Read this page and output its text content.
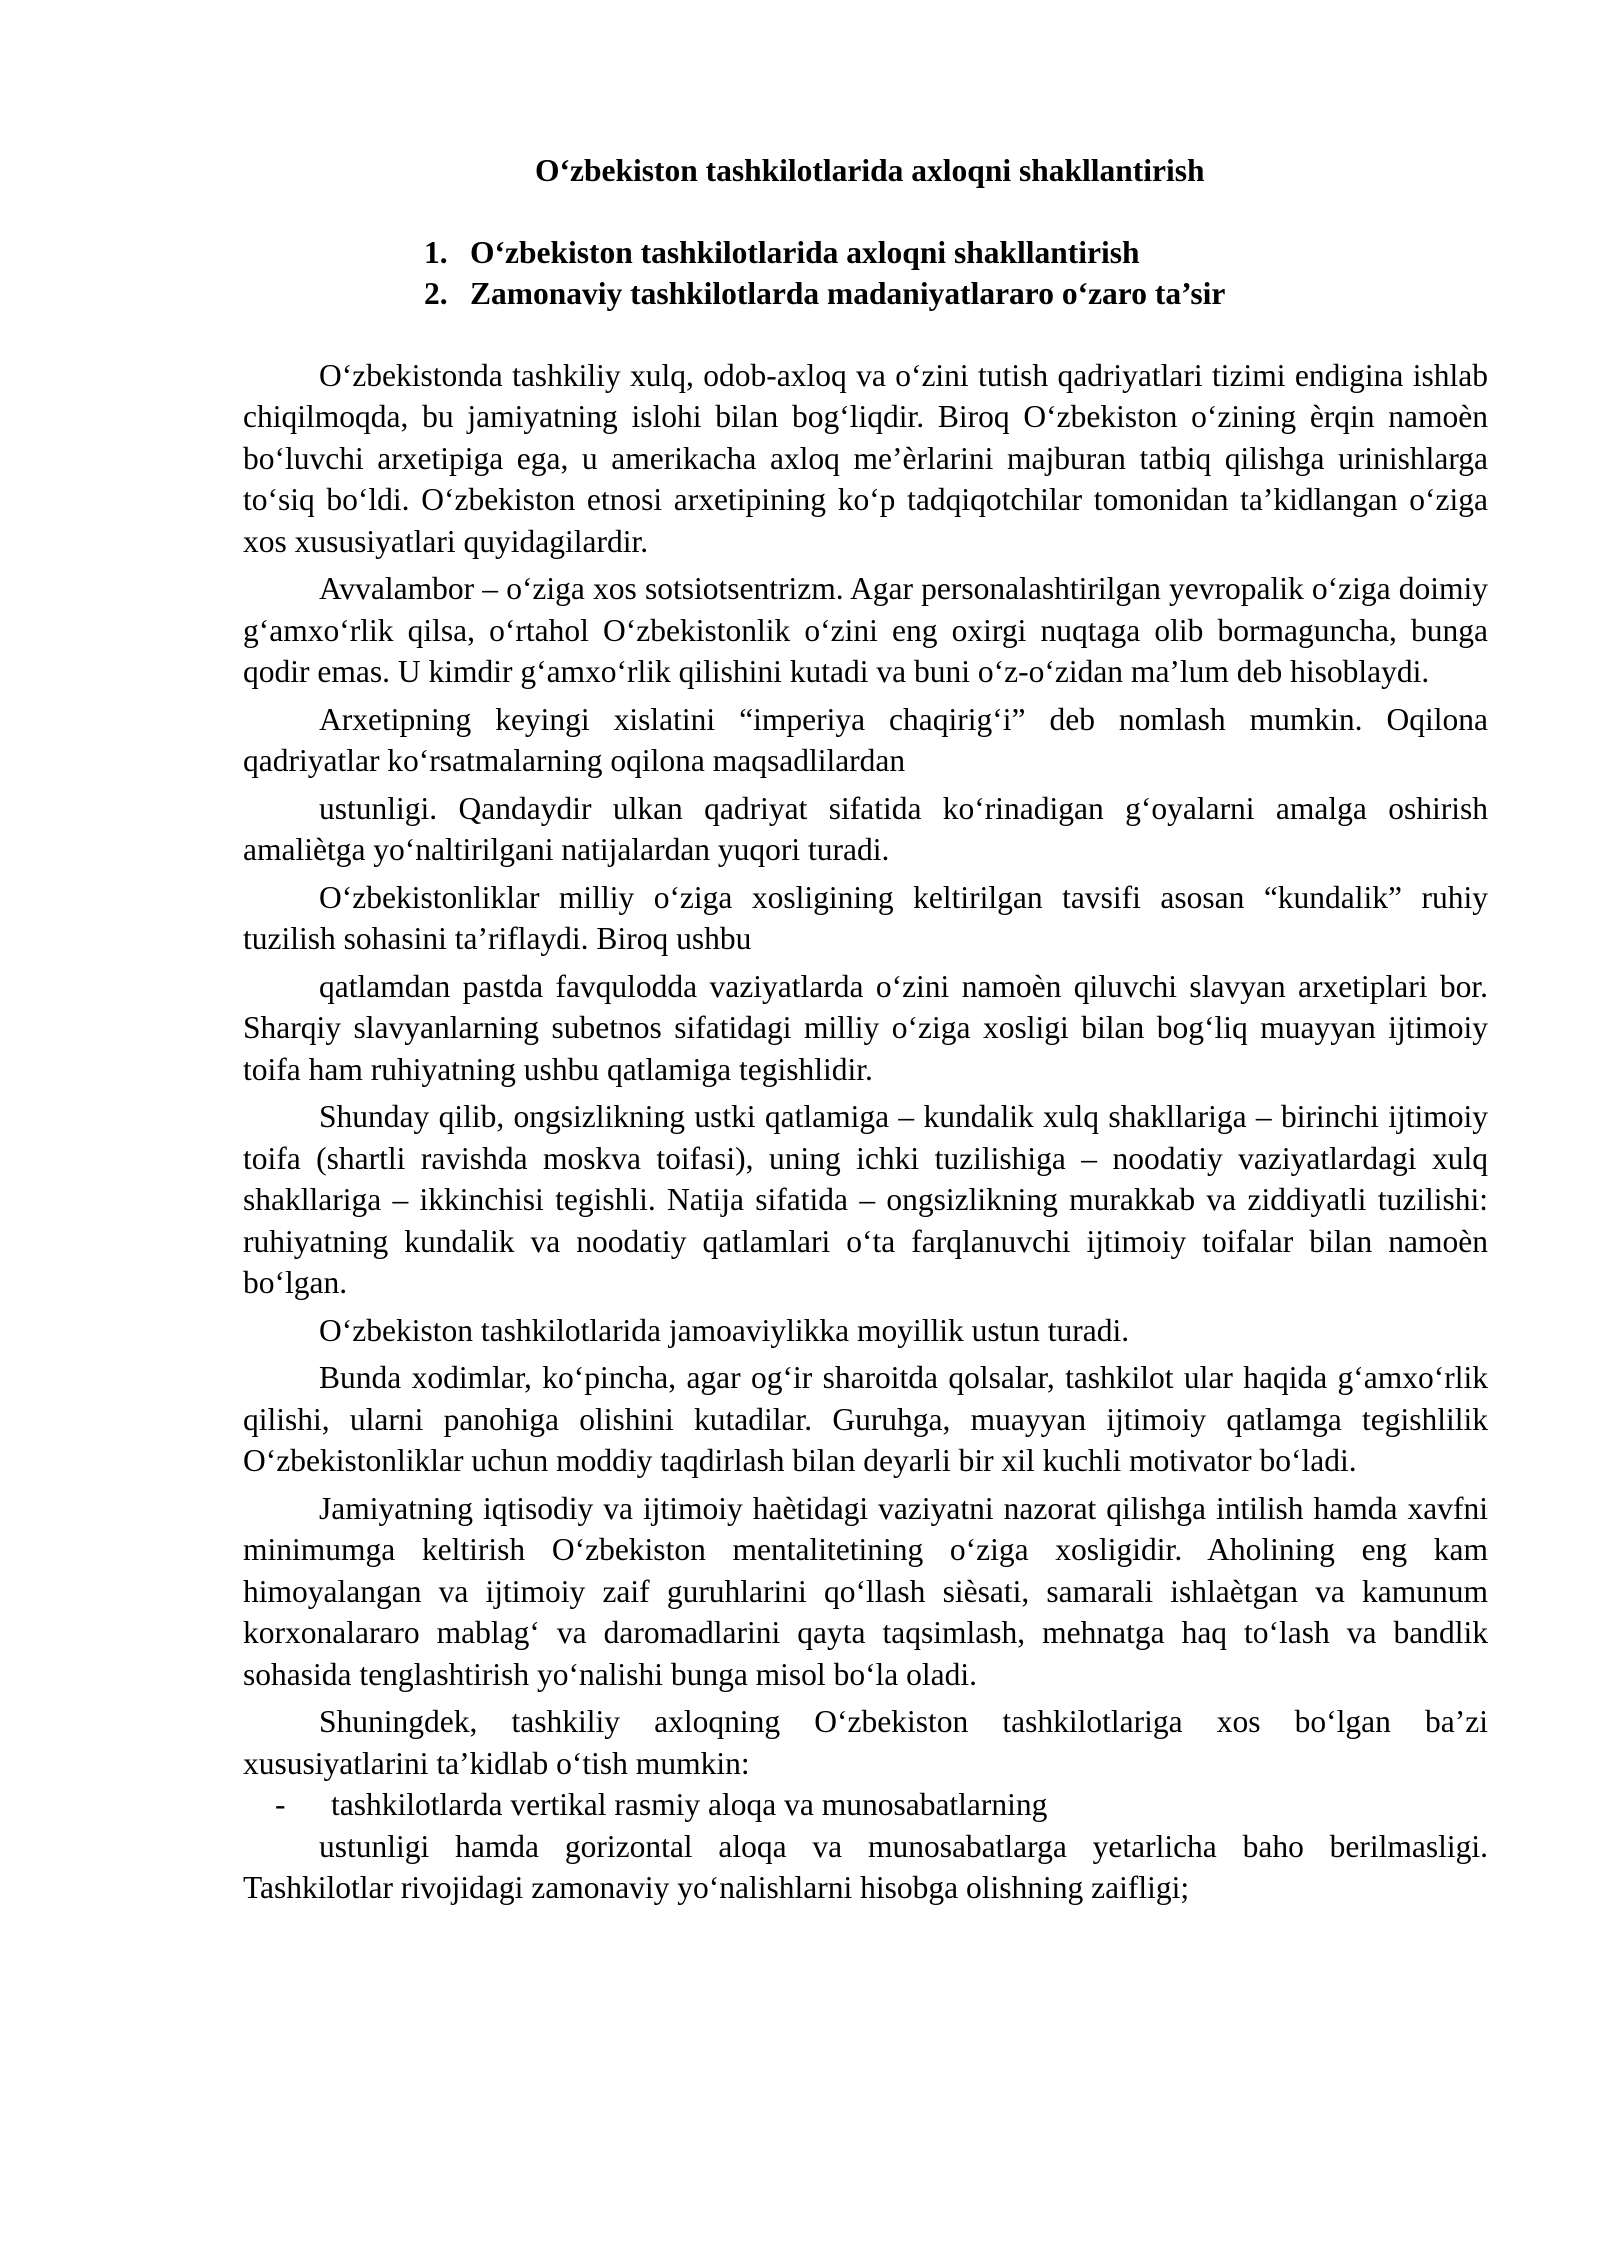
O‘zbekiston tashkilotlarida axloqni shakllantirish
1. O‘zbekiston tashkilotlarida axloqni shakllantirish
2. Zamonaviy tashkilotlarda madaniyatlararo o‘zaro ta’sir

O‘zbekistonda tashkiliy xulq, odob-axloq va o‘zini tutish qadriyatlari tizimi endigina ishlab chiqilmoqda, bu jamiyatning islohi bilan bog‘liqdir. Biroq O‘zbekiston o‘zining èrqin namoèn bo‘luvchi arxetipiga ega, u amerikacha axloq me’èrlarini majburan tatbiq qilishga urinishlarga to‘siq bo‘ldi. O‘zbekiston etnosi arxetipining ko‘p tadqiqotchilar tomonidan ta’kidlangan o‘ziga xos xususiyatlari quyidagilardir.

Avvalambor – o‘ziga xos sotsiotsentrizm. Agar personalashtirilgan yevropalik o‘ziga doimiy g‘amxo‘rlik qilsa, o‘rtahol O‘zbekistonlik o‘zini eng oxirgi nuqtaga olib bormaguncha, bunga qodir emas. U kimdir g‘amxo‘rlik qilishini kutadi va buni o‘z-o‘zidan ma’lum deb hisoblaydi.

Arxetipning keyingi xislatini “imperiya chaqirig‘i” deb nomlash mumkin. Oqilona qadriyatlar ko‘rsatmalarning oqilona maqsadlilardan

ustunligi. Qandaydir ulkan qadriyat sifatida ko‘rinadigan g‘oyalarni amalga oshirish amaliètga yo‘naltirilgani natijalardan yuqori turadi.

O‘zbekistonliklar milliy o‘ziga xosligining keltirilgan tavsifi asosan “kundalik” ruhiy tuzilish sohasini ta’riflaydi. Biroq ushbu

qatlamdan pastda favqulodda vaziyatlarda o‘zini namoèn qiluvchi slavyan arxetiplari bor. Sharqiy slavyanlarning subetnos sifatidagi milliy o‘ziga xosligi bilan bog‘liq muayyan ijtimoiy toifa ham ruhiyatning ushbu qatlamiga tegishlidir.

Shunday qilib, ongsizlikning ustki qatlamiga – kundalik xulq shakllariga – birinchi ijtimoiy toifa (shartli ravishda moskva toifasi), uning ichki tuzilishiga – noodatiy vaziyatlardagi xulq shakllariga – ikkinchisi tegishli. Natija sifatida – ongsizlikning murakkab va ziddiyatli tuzilishi: ruhiyatning kundalik va noodatiy qatlamlari o‘ta farqlanuvchi ijtimoiy toifalar bilan namoèn bo‘lgan.

O‘zbekiston tashkilotlarida jamoaviylikka moyillik ustun turadi.

Bunda xodimlar, ko‘pincha, agar og‘ir sharoitda qolsalar, tashkilot ular haqida g‘amxo‘rlik qilishi, ularni panohiga olishini kutadilar. Guruhga, muayyan ijtimoiy qatlamga tegishlilik O‘zbekistonliklar uchun moddiy taqdirlash bilan deyarli bir xil kuchli motivator bo‘ladi.

Jamiyatning iqtisodiy va ijtimoiy haètidagi vaziyatni nazorat qilishga intilish hamda xavfni minimumga keltirish O‘zbekiston mentalitetining o‘ziga xosligidir. Aholining eng kam himoyalangan va ijtimoiy zaif guruhlarini qo‘llash sièsati, samarali ishlaètgan va kamunum korxonalararo mablag‘ va daromadlarini qayta taqsimlash, mehnatga haq to‘lash va bandlik sohasida tenglashtirish yo‘nalishi bunga misol bo‘la oladi.

Shuningdek, tashkiliy axloqning O‘zbekiston tashkilotlariga xos bo‘lgan ba’zi xususiyatlarini ta’kidlab o‘tish mumkin:

- tashkilotlarda vertikal rasmiy aloqa va munosabatlarning

ustunligi hamda gorizontal aloqa va munosabatlarga yetarlicha baho berilmasligi. Tashkilotlar rivojidagi zamonaviy yo‘nalishlarni hisobga olishning zaifligi;
